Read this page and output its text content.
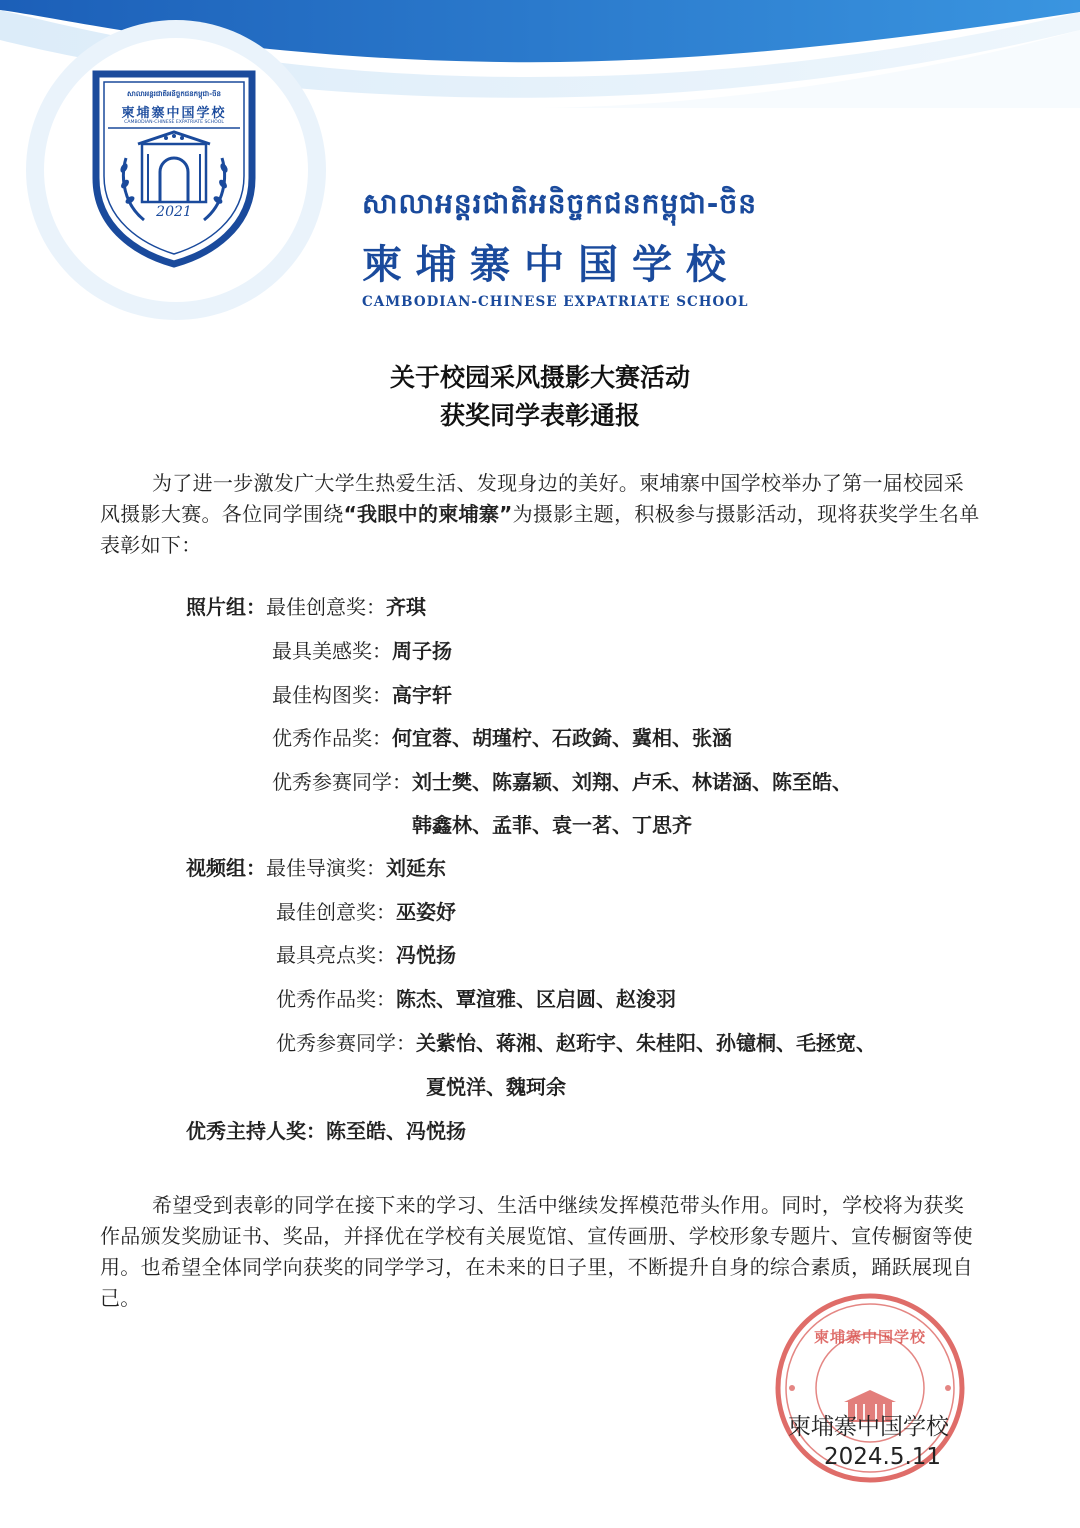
សាលាអន្តរជាតិអនិច្ចកជនកម្ពុជា-ចិន
柬埔寨中国学校
CAMBODIAN-CHINESE EXPATRIATE SCHOOL
2021	សាលាអន្តរជាតិអនិច្ចកជនកម្ពុជា-ចិន
柬埔寨中国学校
CAMBODIAN-CHINESE EXPATRIATE SCHOOL
关于校园采风摄影大赛活动
获奖同学表彰通报
为了进一步激发广大学生热爱生活、发现身边的美好。柬埔寨中国学校举办了第一届校园采风摄影大赛。各位同学围绕“我眼中的柬埔寨”为摄影主题，积极参与摄影活动，现将获奖学生名单表彰如下：
照片组：最佳创意奖：齐琪
最具美感奖：周子扬
最佳构图奖：高宇轩
优秀作品奖：何宜蓉、胡瑾柠、石政錡、冀相、张涵
优秀参赛同学：刘士樊、陈嘉颖、刘翔、卢禾、林诺涵、陈至皓、
韩鑫林、孟菲、袁一茗、丁思齐
视频组：最佳导演奖：刘延东
最佳创意奖：巫姿妤
最具亮点奖：冯悦扬
优秀作品奖：陈杰、覃渲雅、区启圆、赵浚羽
优秀参赛同学：关紫怡、蒋湘、赵珩宇、朱桂阳、孙镱桐、毛拯宽、
夏悦洋、魏珂余
优秀主持人奖：陈至皓、冯悦扬
希望受到表彰的同学在接下来的学习、生活中继续发挥模范带头作用。同时，学校将为获奖作品颁发奖励证书、奖品，并择优在学校有关展览馆、宣传画册、学校形象专题片、宣传橱窗等使用。也希望全体同学向获奖的同学学习，在未来的日子里，不断提升自身的综合素质，踊跃展现自己。
柬埔寨中国学校
柬埔寨中国学校
2024.5.11
